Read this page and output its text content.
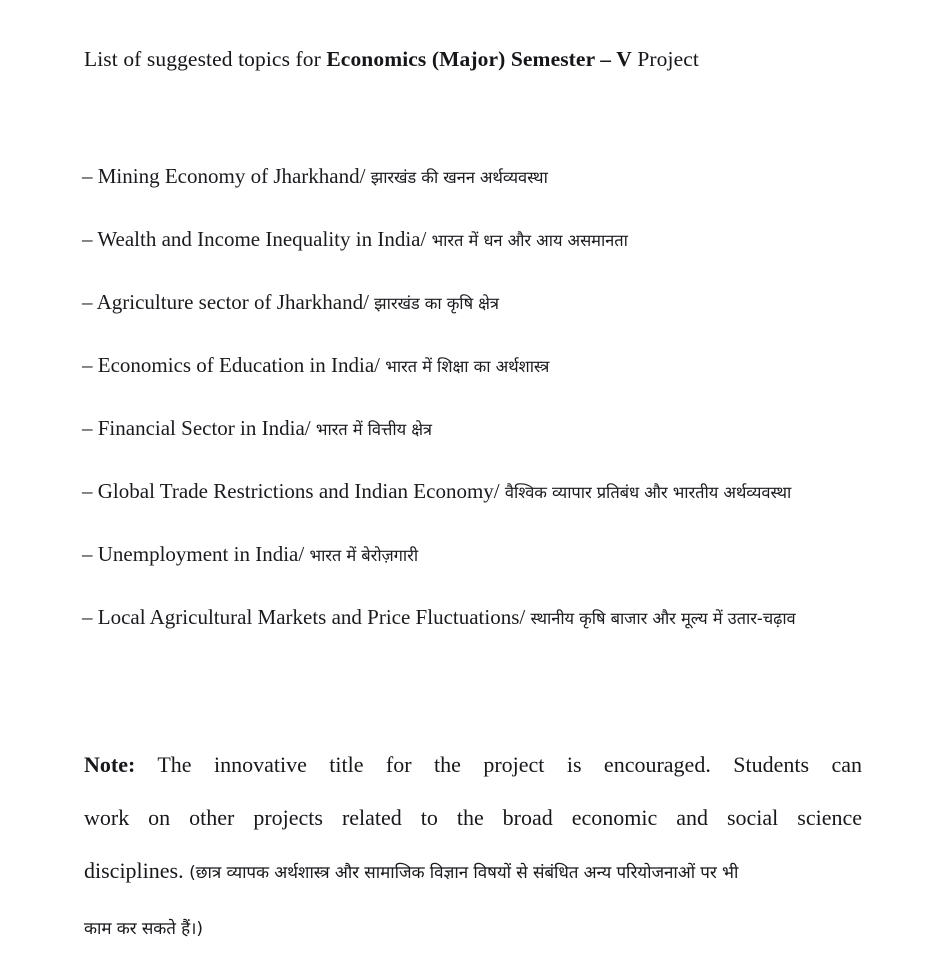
List of suggested topics for Economics (Major) Semester – V Project
– Mining Economy of Jharkhand/ झारखंड की खनन अर्थव्यवस्था
– Wealth and Income Inequality in India/ भारत में धन और आय असमानता
– Agriculture sector of Jharkhand/ झारखंड का कृषि क्षेत्र
– Economics of Education in India/ भारत में शिक्षा का अर्थशास्त्र
– Financial Sector in India/ भारत में वित्तीय क्षेत्र
– Global Trade Restrictions and Indian Economy/ वैश्विक व्यापार प्रतिबंध और भारतीय अर्थव्यवस्था
– Unemployment in India/ भारत में बेरोज़गारी
– Local Agricultural Markets and Price Fluctuations/ स्थानीय कृषि बाजार और मूल्य में उतार-चढ़ाव
Note: The innovative title for the project is encouraged. Students can
work on other projects related to the broad economic and social science
disciplines. (छात्र व्यापक अर्थशास्त्र और सामाजिक विज्ञान विषयों से संबंधित अन्य परियोजनाओं पर भी
काम कर सकते हैं।)
